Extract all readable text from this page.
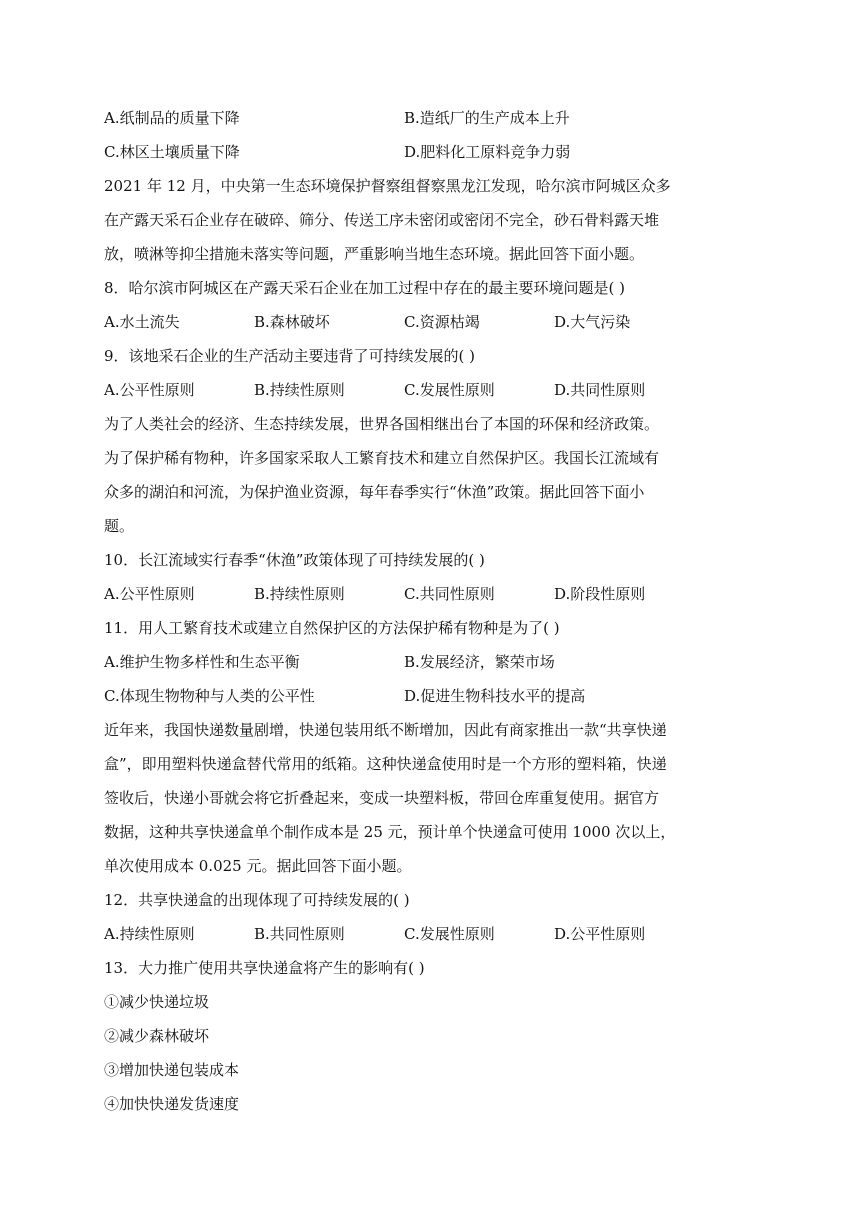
A.纸制品的质量下降	B.造纸厂的生产成本上升
C.林区土壤质量下降	D.肥料化工原料竞争力弱
2021 年 12 月，中央第一生态环境保护督察组督察黑龙江发现，哈尔滨市阿城区众多
在产露天采石企业存在破碎、筛分、传送工序未密闭或密闭不完全，砂石骨料露天堆
放，喷淋等抑尘措施未落实等问题，严重影响当地生态环境。据此回答下面小题。
8．哈尔滨市阿城区在产露天采石企业在加工过程中存在的最主要环境问题是( )
A.水土流失	B.森林破坏	C.资源枯竭	D.大气污染
9．该地采石企业的生产活动主要违背了可持续发展的( )
A.公平性原则	B.持续性原则	C.发展性原则	D.共同性原则
为了人类社会的经济、生态持续发展，世界各国相继出台了本国的环保和经济政策。
为了保护稀有物种，许多国家采取人工繁育技术和建立自然保护区。我国长江流域有
众多的湖泊和河流，为保护渔业资源，每年春季实行“休渔”政策。据此回答下面小
题。
10．长江流域实行春季“休渔”政策体现了可持续发展的( )
A.公平性原则	B.持续性原则	C.共同性原则	D.阶段性原则
11．用人工繁育技术或建立自然保护区的方法保护稀有物种是为了( )
A.维护生物多样性和生态平衡	B.发展经济，繁荣市场
C.体现生物物种与人类的公平性	D.促进生物科技水平的提高
近年来，我国快递数量剧增，快递包装用纸不断增加，因此有商家推出一款“共享快递
盒”，即用塑料快递盒替代常用的纸箱。这种快递盒使用时是一个方形的塑料箱，快递
签收后，快递小哥就会将它折叠起来，变成一块塑料板，带回仓库重复使用。据官方
数据，这种共享快递盒单个制作成本是 25 元，预计单个快递盒可使用 1000 次以上，
单次使用成本 0.025 元。据此回答下面小题。
12．共享快递盒的出现体现了可持续发展的( )
A.持续性原则	B.共同性原则	C.发展性原则	D.公平性原则
13．大力推广使用共享快递盒将产生的影响有( )
①减少快递垃圾
②减少森林破坏
③增加快递包装成本
④加快快递发货速度
